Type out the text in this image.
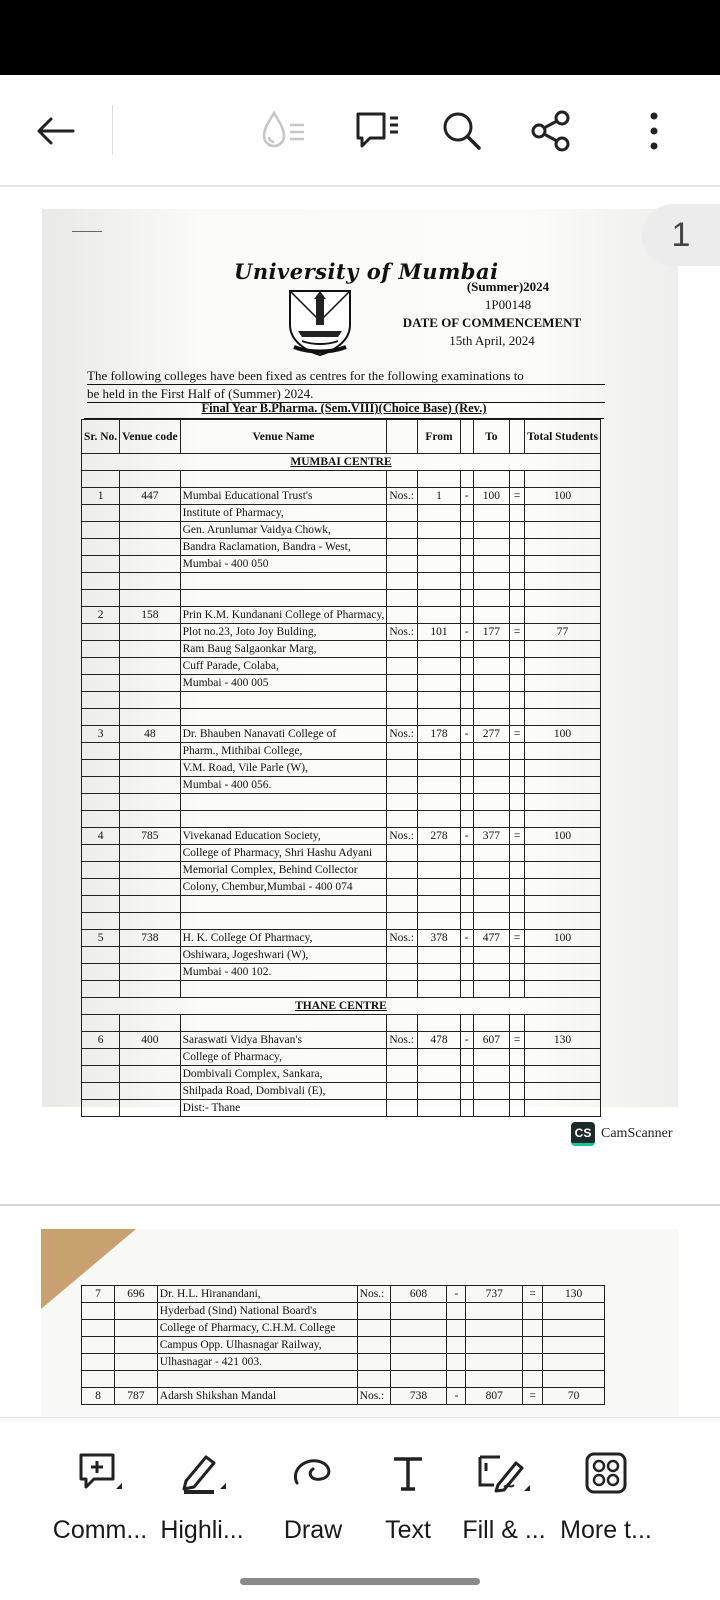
1
University of Mumbai
(Summer)2024
1P00148
DATE OF COMMENCEMENT
15th April, 2024
The following colleges have been fixed as centres for the following examinations to
be held in the First Half of (Summer) 2024.
Final Year B.Pharma. (Sem.VIII)(Choice Base) (Rev.)
Sr. No.	Venue code	Venue Name		From		To		Total Students
MUMBAI CENTRE								

1	447	Mumbai Educational Trust's	Nos.:	1	-	100	=	100
		Institute of Pharmacy,						
		Gen. Arunlumar Vaidya Chowk,						
		Bandra Raclamation, Bandra - West,						
		Mumbai - 400 050						

2	158	Prin K.M. Kundanani College of Pharmacy,						
		Plot no.23, Joto Joy Bulding,	Nos.:	101	-	177	=	77
		Ram Baug Salgaonkar Marg,						
		Cuff Parade, Colaba,						
		Mumbai - 400 005						

3	48	Dr. Bhauben Nanavati College of	Nos.:	178	-	277	=	100
		Pharm., Mithibai College,						
		V.M. Road, Vile Parle (W),						
		Mumbai - 400 056.						

4	785	Vivekanad Education Society,	Nos.:	278	-	377	=	100
		College of Pharmacy, Shri Hashu Adyani						
		Memorial Complex, Behind Collector						
		Colony, Chembur,Mumbai - 400 074						

5	738	H. K. College Of Pharmacy,	Nos.:	378	-	477	=	100
		Oshiwara, Jogeshwari (W),						
		Mumbai - 400 102.						

THANE CENTRE								

6	400	Saraswati Vidya Bhavan's	Nos.:	478	-	607	=	130
		College of Pharmacy,						
		Dombivali Complex, Sankara,						
		Shilpada Road, Dombivali (E),						
		Dist:- Thane						
CS CamScanner
7	696	Dr. H.L. Hiranandani,	Nos.:	608	-	737	=	130
		Hyderbad (Sind) National Board's						
		College of Pharmacy, C.H.M. College						
		Campus Opp. Ulhasnagar Railway,						
		Ulhasnagar - 421 003.						

8	787	Adarsh Shikshan Mandal	Nos.:	738	-	807	=	70
Comm... Highli...	Draw	Text	Fill & ... More t...
